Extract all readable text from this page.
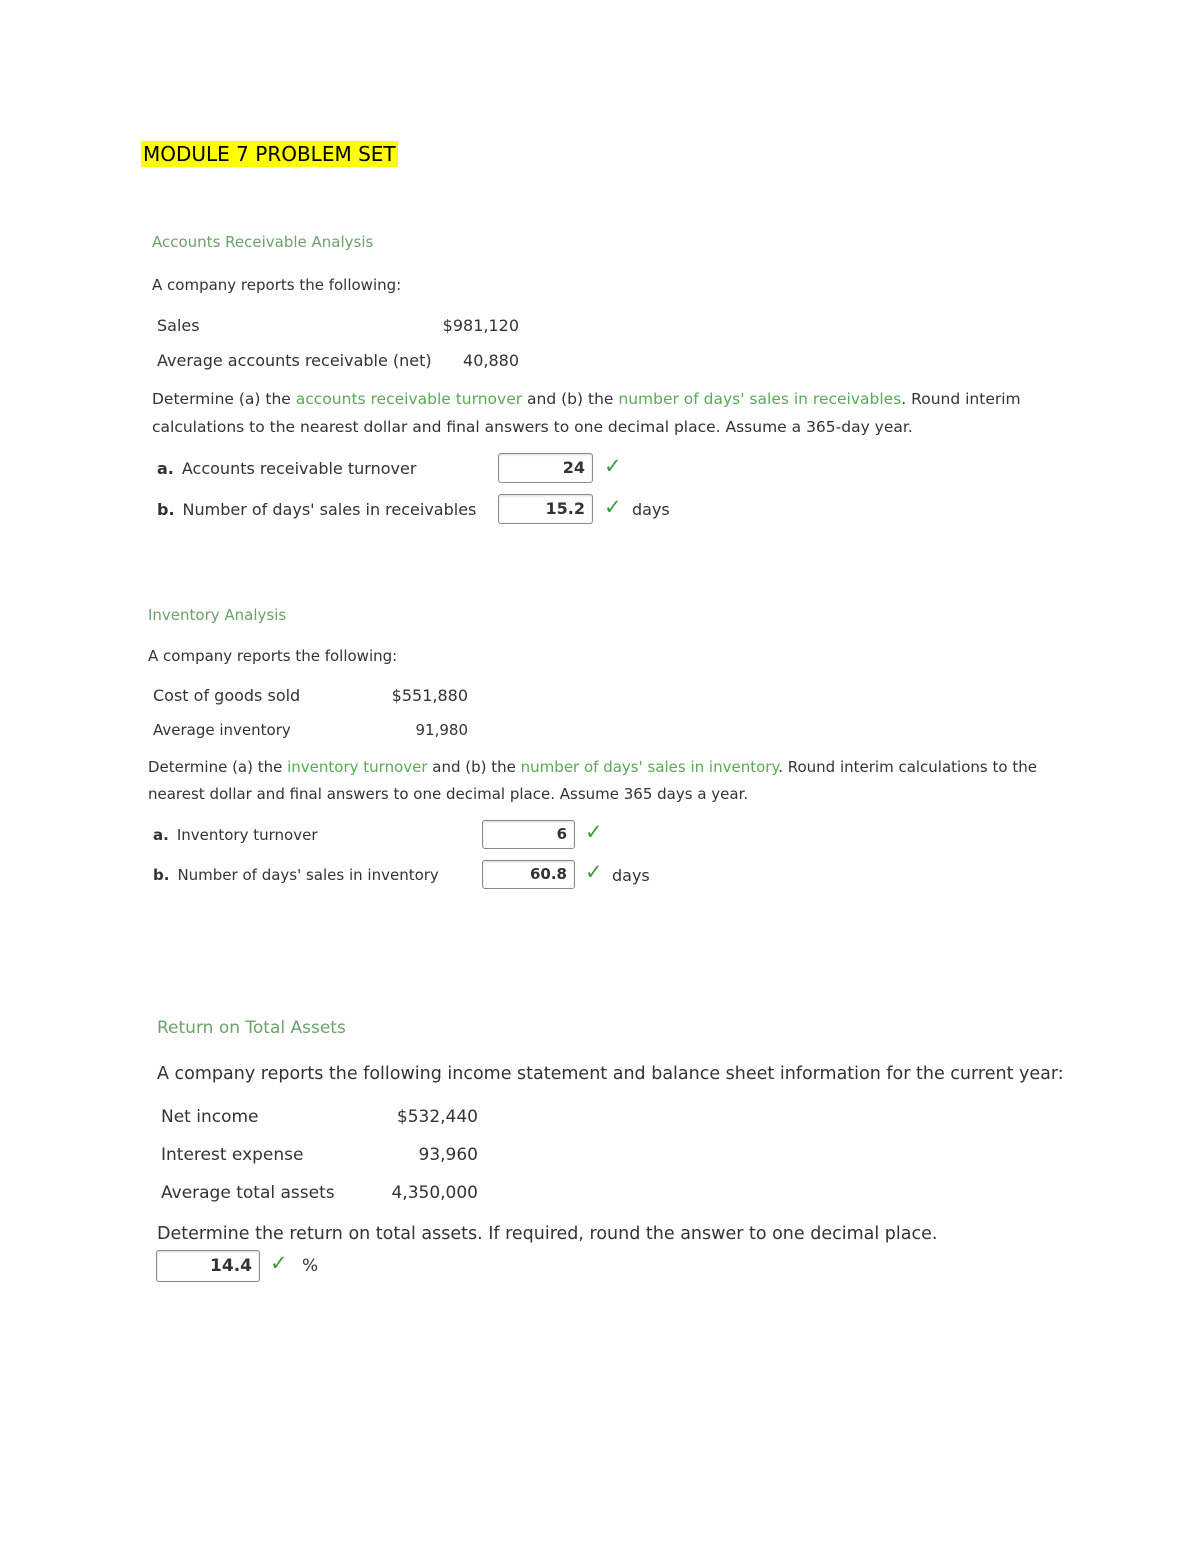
MODULE 7 PROBLEM SET
Accounts Receivable Analysis
A company reports the following:
Sales	$981,120
Average accounts receivable (net)	40,880
Determine (a) the accounts receivable turnover and (b) the number of days' sales in receivables. Round interim calculations to the nearest dollar and final answers to one decimal place. Assume a 365-day year.
a. Accounts receivable turnover	24 ✓
b. Number of days' sales in receivables	15.2 ✓ days
Inventory Analysis
A company reports the following:
Cost of goods sold	$551,880
Average inventory	91,980
Determine (a) the inventory turnover and (b) the number of days' sales in inventory. Round interim calculations to the nearest dollar and final answers to one decimal place. Assume 365 days a year.
a. Inventory turnover	6 ✓
b. Number of days' sales in inventory	60.8 ✓ days
Return on Total Assets
A company reports the following income statement and balance sheet information for the current year:
Net income	$532,440
Interest expense	93,960
Average total assets	4,350,000
Determine the return on total assets. If required, round the answer to one decimal place.
14.4 ✓ %
